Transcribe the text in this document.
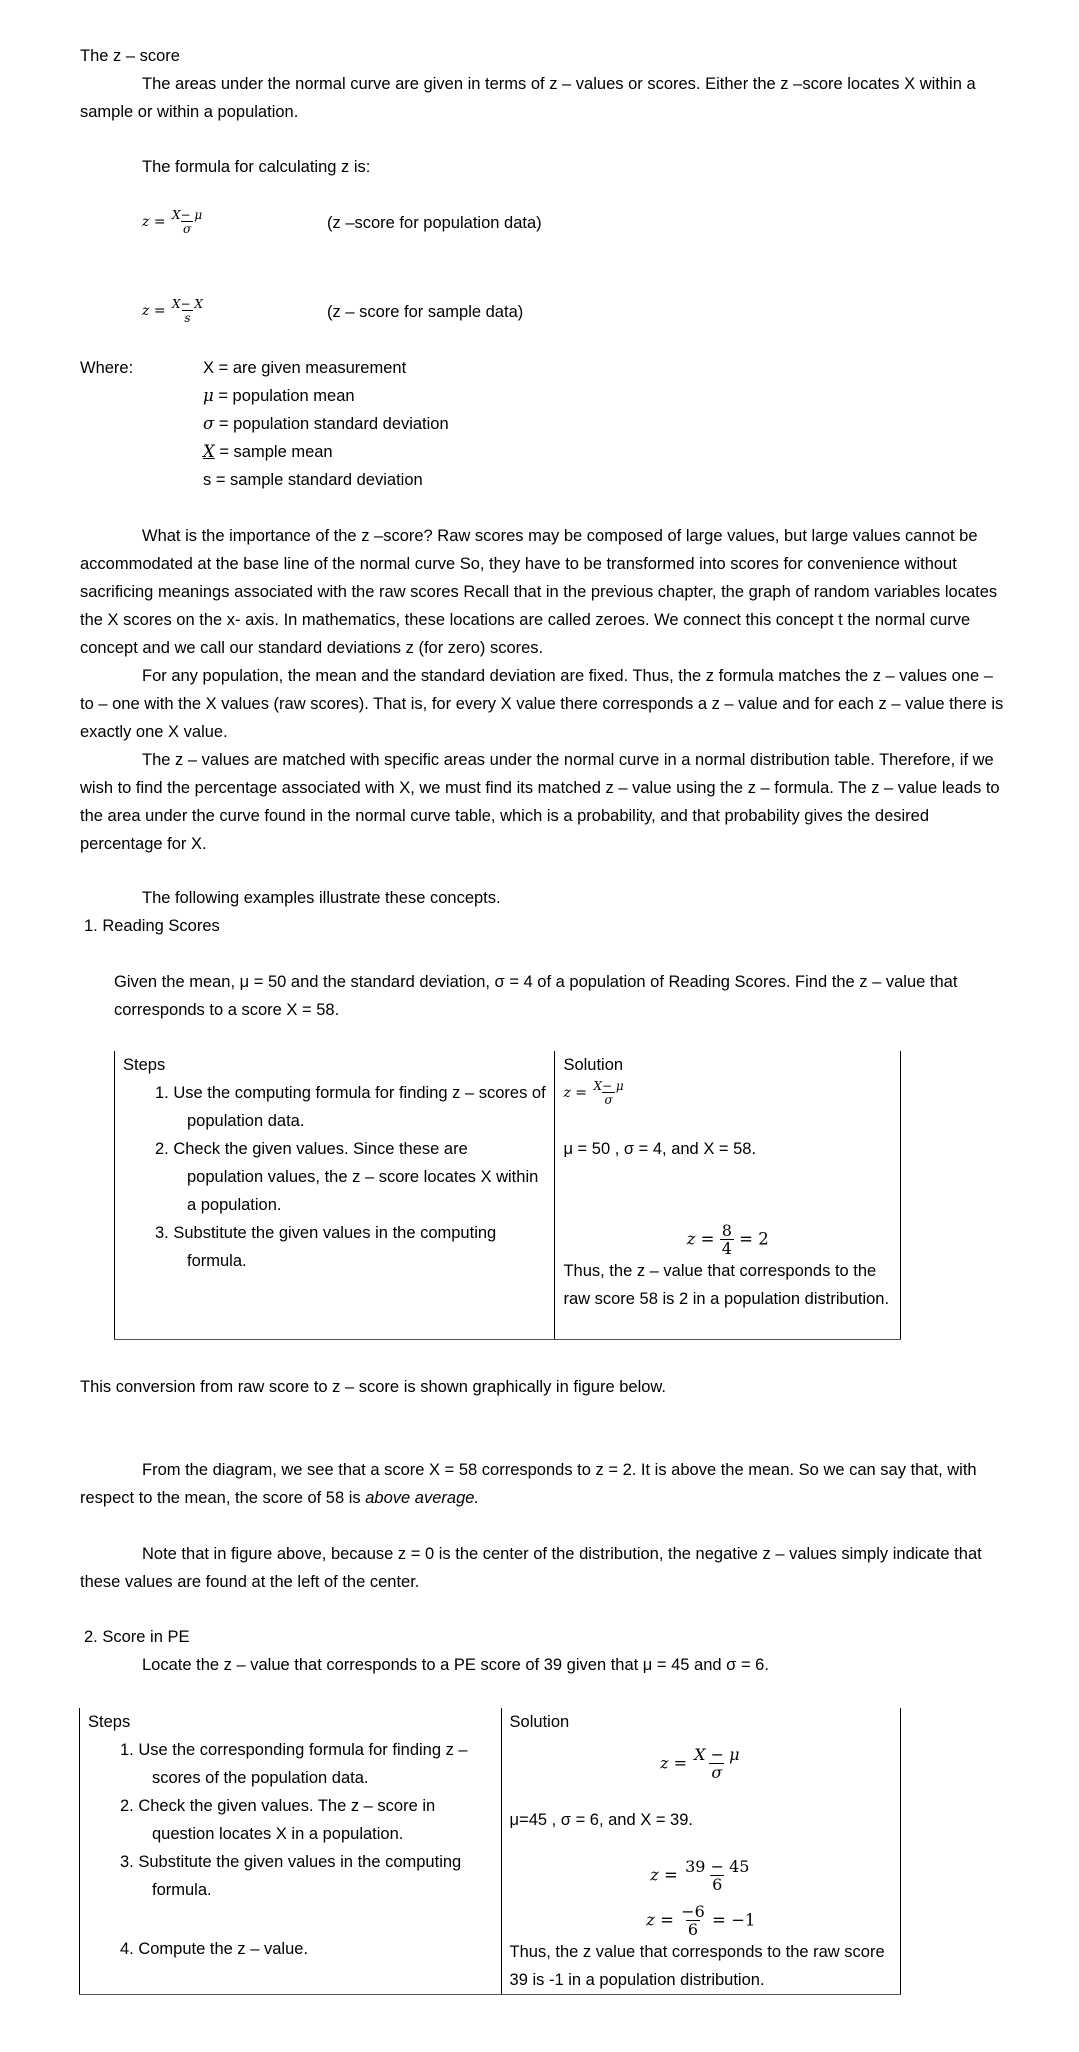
The z – score
The areas under the normal curve are given in terms of z – values or scores. Either the z –score locates X within a sample or within a population.
The formula for calculating z is:
$z = \frac{X- \mu}{\sigma}$	(z –score for population data)
$z = \frac{X- X}{s}$	(z – score for sample data)
Where:	X = are given measurement
μ = population mean
σ = population standard deviation
X = sample mean
s = sample standard deviation
What is the importance of the z –score? Raw scores may be composed of large values, but large values cannot be accommodated at the base line of the normal curve So, they have to be transformed into scores for convenience without sacrificing meanings associated with the raw scores Recall that in the previous chapter, the graph of random variables locates the X scores on the x- axis. In mathematics, these locations are called zeroes. We connect this concept t the normal curve concept and we call our standard deviations z (for zero) scores.
For any population, the mean and the standard deviation are fixed. Thus, the z formula matches the z – values one – to – one with the X values (raw scores). That is, for every X value there corresponds a z – value and for each z – value there is exactly one X value.
The z – values are matched with specific areas under the normal curve in a normal distribution table. Therefore, if we wish to find the percentage associated with X, we must find its matched z – value using the z – formula. The z – value leads to the area under the curve found in the normal curve table, which is a probability, and that probability gives the desired percentage for X.
The following examples illustrate these concepts.
1. Reading Scores
Given the mean, μ = 50 and the standard deviation, σ = 4 of a population of Reading Scores. Find the z – value that corresponds to a score X = 58.
Steps	Solution

1. Use the computing formula for finding z – scores of population data.	$z = \frac{X- \mu}{\sigma}$

2. Check the given values. Since these are population values, the z – score locates X within a population.	μ = 50 , σ = 4, and X = 58.

3. Substitute the given values in the computing formula.	$z = \frac{8}{4} = 2$
Thus, the z – value that corresponds to the raw score 58 is 2 in a population distribution.
This conversion from raw score to z – score is shown graphically in figure below.
From the diagram, we see that a score X = 58 corresponds to z = 2. It is above the mean. So we can say that, with respect to the mean, the score of 58 is above average.
Note that in figure above, because z = 0 is the center of the distribution, the negative z – values simply indicate that these values are found at the left of the center.
2. Score in PE
Locate the z – value that corresponds to a PE score of 39 given that μ = 45 and σ = 6.
Steps	Solution

1. Use the corresponding formula for finding z – scores of the population data.	$z = \frac{X - \mu}{\sigma}$

2. Check the given values. The z – score in question locates X in a population.	μ=45 , σ = 6, and X = 39.

3. Substitute the given values in the computing formula.	$z = \frac{39 - 45}{6}$

4. Compute the z – value.	$z = \frac{-6}{6} = -1$
Thus, the z value that corresponds to the raw score 39 is -1 in a population distribution.
